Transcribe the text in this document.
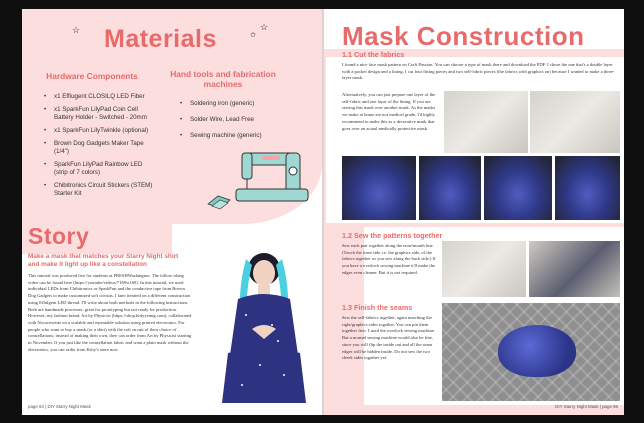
☆	☆
✩
Materials

Hardware Components

• x1 Effiugent CLOSILQ LED Fiber
• x1 SparkFun LilyPad Coin Cell Battery Holder - Switched - 20mm
• x1 SparkFun LilyTwinkle (optional)
• Brown Dog Gadgets Maker Tape (1/4")
• SparkFun LilyPad Rainbow LED (strip of 7 colors)
• Chibitronics Circuit Stickers (STEM) Starter Kit

Hand tools and fabrication machines

• Soldering iron (generic)
• Solder Wire, Lead Free
• Sewing machine (generic)
Story

Make a mask that matches your Starry Night shirt and make it light up like a constellation

This tutorial was produced live for students at FRESHWashington. The follow-along video can be found here (https://youtube/videos/7169w169). In this tutorial, we used individual LEDs from Chibitronics or SparkFun and the conductive tape from Brown Dog Gadgets to make customized soft circuits. I later iterated on a different construction using Effulgent LED thread. I'll write about both methods in the following instructions. Both are handmade processes, great for prototyping but not ready for production. However, my fashion brand, Art by Physicist (https://shop.kittyyeung.com), collaborated with Nocaceventz on a scalable and repeatable solution using printed electronics. For people who want to buy a mask (or a shirt) with the soft circuit of their choice of constellations, instead of making their own, they can order from Art by Physicist starting in November. If you just like the constellation fabric and want a plain mask without the electronics, you can order from Kitty's store now.

page 64 | DIY Starry Night Mask
Mask Construction

1.1 Cut the fabrics

I found a nice face mask pattern on Craft Passion. You can choose a type of mask there and download the PDF. I chose the one that's a double layer with a pocket design and a lining. I cut four fitting pieces and two self-fabric pieces (the fabrics with graphics on) because I wanted to make a three-layer mask.

Alternatively, you can just prepare one layer of the self-fabric and one layer of the lining. If you are sewing this mask over another mask. As the masks we make at home are not medical grade, I'd highly recommend to make this as a decorative mask that goes over an actual medically protective mask.

1.2 Sew the patterns together

Sew each pair together along the nose/mouth line. (Touch the front side i.e. the graphics side, of the fabrics together so you sew along the back side.) If you have a overlock sewing machine it'll make the edges even cleaner. But it is not required.

1.3 Finish the seams

Sew the self-fabrics together, again matching the right/graphics sides together. You can pin them together first. I used the overlock sewing machine. But a normal sewing machine would also be fine, since you will flip the inside out and all the seam edges will be hidden inside. Do not sew the two cheek sides together yet.

DIY Starry Night Mask | page 65
